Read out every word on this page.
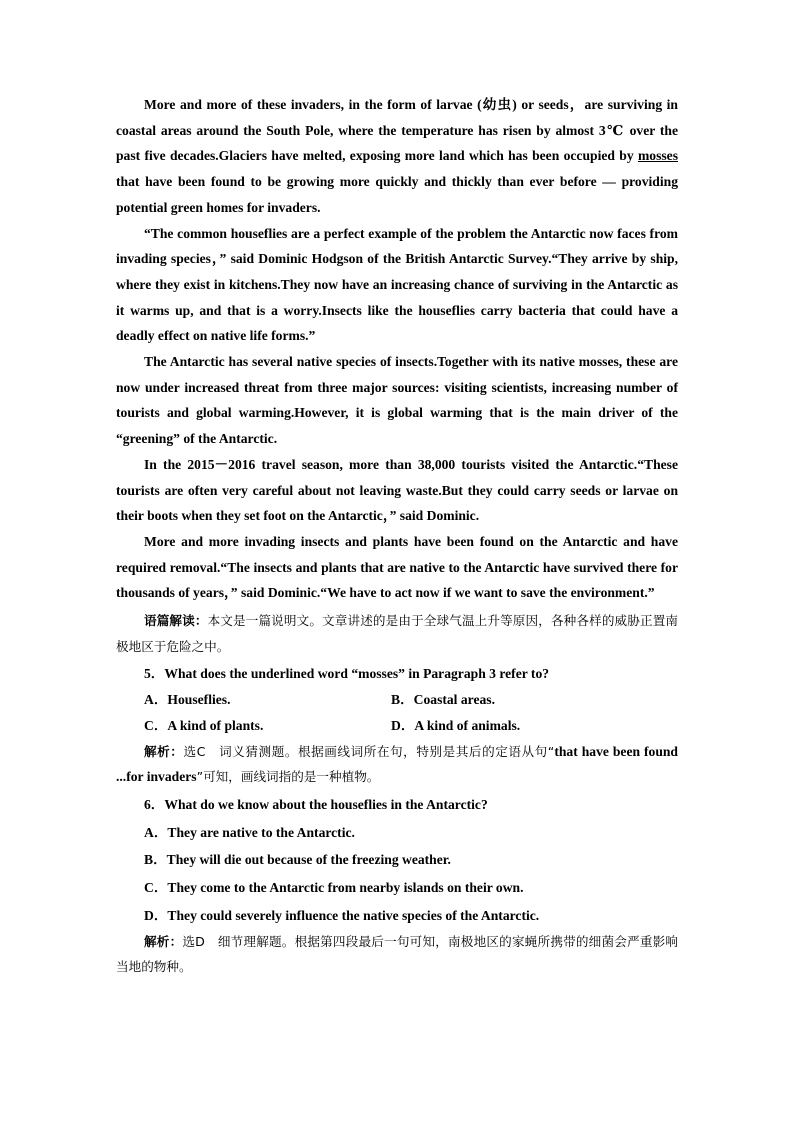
More and more of these invaders, in the form of larvae (幼虫) or seeds，are surviving in coastal areas around the South Pole, where the temperature has risen by almost 3℃ over the past five decades.Glaciers have melted, exposing more land which has been occupied by mosses that have been found to be growing more quickly and thickly than ever before — providing potential green homes for invaders.

“The common houseflies are a perfect example of the problem the Antarctic now faces from invading species，” said Dominic Hodgson of the British Antarctic Survey.“They arrive by ship, where they exist in kitchens.They now have an increasing chance of surviving in the Antarctic as it warms up, and that is a worry.Insects like the houseflies carry bacteria that could have a deadly effect on native life forms.”

The Antarctic has several native species of insects.Together with its native mosses, these are now under increased threat from three major sources: visiting scientists, increasing number of tourists and global warming.However, it is global warming that is the main driver of the “greening” of the Antarctic.

In the 2015－2016 travel season, more than 38,000 tourists visited the Antarctic.“These tourists are often very careful about not leaving waste.But they could carry seeds or larvae on their boots when they set foot on the Antarctic，” said Dominic.

More and more invading insects and plants have been found on the Antarctic and have required removal.“The insects and plants that are native to the Antarctic have survived there for thousands of years，” said Dominic.“We have to act now if we want to save the environment.”

语篇解读：本文是一篇说明文。文章讲述的是由于全球气温上升等原因，各种各样的威胁正置南极地区于危险之中。

5．What does the underlined word “mosses” in Paragraph 3 refer to?

A．Houseflies.	B．Coastal areas.
C．A kind of plants.	D．A kind of animals.

解析：选C　词义猜测题。根据画线词所在句，特别是其后的定语从句“that have been found ...for invaders”可知，画线词指的是一种植物。

6．What do we know about the houseflies in the Antarctic?

A．They are native to the Antarctic.

B．They will die out because of the freezing weather.

C．They come to the Antarctic from nearby islands on their own.

D．They could severely influence the native species of the Antarctic.

解析：选D　细节理解题。根据第四段最后一句可知，南极地区的家蝇所携带的细菌会严重影响当地的物种。
